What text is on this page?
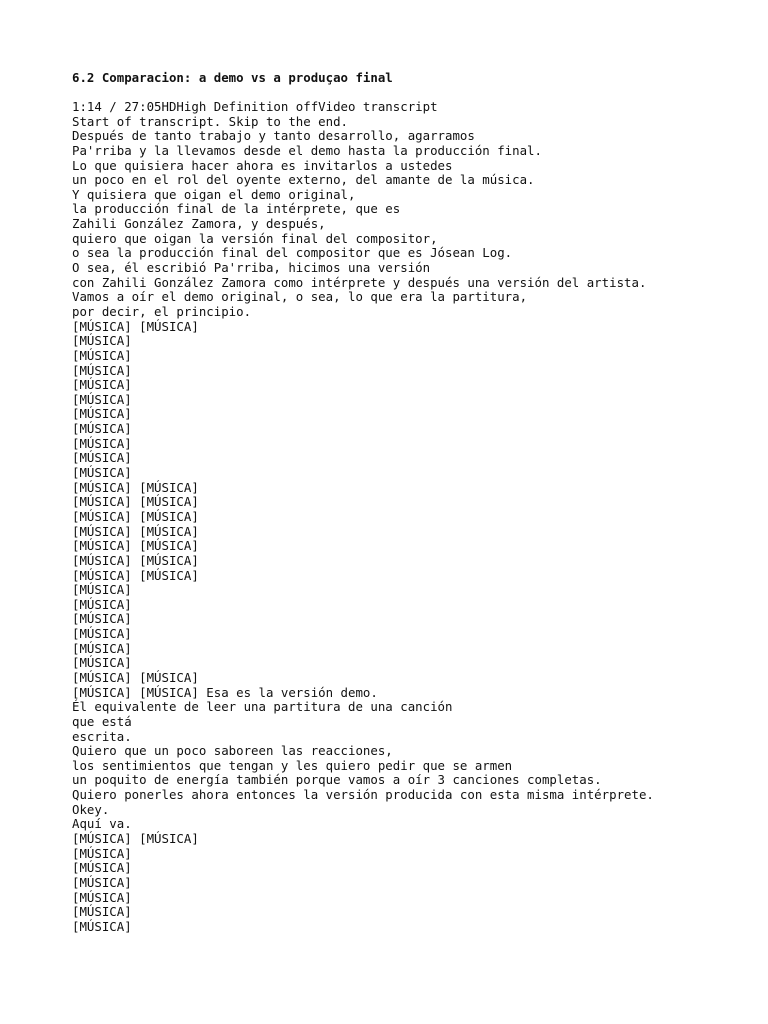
6.2 Comparacion: a demo vs a produçao final
1:14 / 27:05HDHigh Definition offVideo transcript
Start of transcript. Skip to the end.
Después de tanto trabajo y tanto desarrollo, agarramos
Pa'rriba y la llevamos desde el demo hasta la producción final.
Lo que quisiera hacer ahora es invitarlos a ustedes
un poco en el rol del oyente externo, del amante de la música.
Y quisiera que oigan el demo original,
la producción final de la intérprete, que es
Zahili González Zamora, y después,
quiero que oigan la versión final del compositor,
o sea la producción final del compositor que es Jósean Log.
O sea, él escribió Pa'rriba, hicimos una versión
con Zahili González Zamora como intérprete y después una versión del artista.
Vamos a oír el demo original, o sea, lo que era la partitura,
por decir, el principio.
[MÚSICA] [MÚSICA]
[MÚSICA]
[MÚSICA]
[MÚSICA]
[MÚSICA]
[MÚSICA]
[MÚSICA]
[MÚSICA]
[MÚSICA]
[MÚSICA]
[MÚSICA]
[MÚSICA] [MÚSICA]
[MÚSICA] [MÚSICA]
[MÚSICA] [MÚSICA]
[MÚSICA] [MÚSICA]
[MÚSICA] [MÚSICA]
[MÚSICA] [MÚSICA]
[MÚSICA] [MÚSICA]
[MÚSICA]
[MÚSICA]
[MÚSICA]
[MÚSICA]
[MÚSICA]
[MÚSICA]
[MÚSICA] [MÚSICA]
[MÚSICA] [MÚSICA] Esa es la versión demo.
Él equivalente de leer una partitura de una canción
que está
escrita.
Quiero que un poco saboreen las reacciones,
los sentimientos que tengan y les quiero pedir que se armen
un poquito de energía también porque vamos a oír 3 canciones completas.
Quiero ponerles ahora entonces la versión producida con esta misma intérprete.
Okey.
Aquí va.
[MÚSICA] [MÚSICA]
[MÚSICA]
[MÚSICA]
[MÚSICA]
[MÚSICA]
[MÚSICA]
[MÚSICA]
